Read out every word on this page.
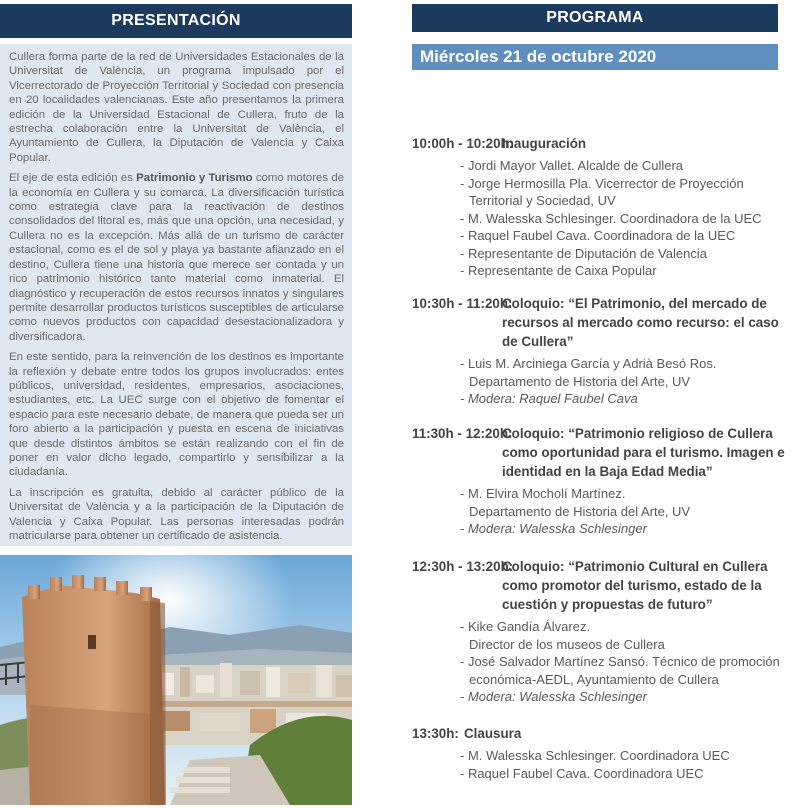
PRESENTACIÓN

Cullera forma parte de la red de Universidades Estacionales de la Universitat de València, un programa impulsado por el Vicerrectorado de Proyección Territorial y Sociedad con presencia en 20 localidades valencianas. Este año presentamos la primera edición de la Universidad Estacional de Cullera, fruto de la estrecha colaboración entre la Universitat de València, el Ayuntamiento de Cullera, la Diputación de Valencia y Caixa Popular.

El eje de esta edición es Patrimonio y Turismo como motores de la economía en Cullera y su comarca. La diversificación turística como estrategia clave para la reactivación de destinos consolidados del litoral es, más que una opción, una necesidad, y Cullera no es la excepción. Más allá de un turismo de carácter estacional, como es el de sol y playa ya bastante afianzado en el destino, Cullera tiene una historia que merece ser contada y un rico patrimonio histórico tanto material como inmaterial. El diagnóstico y recuperación de estos recursos innatos y singulares permite desarrollar productos turísticos susceptibles de articularse como nuevos productos con capacidad desestacionalizadora y diversificadora.

En este sentido, para la reinvención de los destinos es importante la reflexión y debate entre todos los grupos involucrados: entes públicos, universidad, residentes, empresarios, asociaciones, estudiantes, etc. La UEC surge con el objetivo de fomentar el espacio para este necesario debate, de manera que pueda ser un foro abierto a la participación y puesta en escena de iniciativas que desde distintos ámbitos se están realizando con el fin de poner en valor dicho legado, compartirlo y sensibilizar a la ciudadanía.

La inscripción es gratuita, debido al carácter público de la Universitat de València y a la participación de la Diputación de Valencia y Caixa Popular. Las personas interesadas podrán matricularse para obtener un certificado de asistencia.

PROGRAMA
Miércoles 21 de octubre 2020
10:00h - 10:20h:
Inauguración
- Jordi Mayor Vallet. Alcalde de Cullera
- Jorge Hermosilla Pla. Vicerrector de Proyección
Territorial y Sociedad, UV
- M. Walesska Schlesinger. Coordinadora de la UEC
- Raquel Faubel Cava. Coordinadora de la UEC
- Representante de Diputación de Valencia
- Representante de Caixa Popular
10:30h - 11:20h:
Coloquio: “El Patrimonio, del mercado de recursos al mercado como recurso: el caso de Cullera”
- Luis M. Arciniega García y Adrià Besó Ros.
Departamento de Historia del Arte, UV
- Modera: Raquel Faubel Cava
11:30h - 12:20h:
Coloquio: “Patrimonio religioso de Cullera como oportunidad para el turismo. Imagen e identidad en la Baja Edad Media”
- M. Elvira Mocholí Martínez.
Departamento de Historia del Arte, UV
- Modera: Walesska Schlesinger
12:30h - 13:20h:
Coloquio: “Patrimonio Cultural en Cullera como promotor del turismo, estado de la cuestión y propuestas de futuro”
- Kike Gandía Álvarez.
Director de los museos de Cullera
- José Salvador Martínez Sansó. Técnico de promoción
económica-AEDL, Ayuntamiento de Cullera
- Modera: Walesska Schlesinger
13:30h: Clausura
- M. Walesska Schlesinger. Coordinadora UEC
- Raquel Faubel Cava. Coordinadora UEC
